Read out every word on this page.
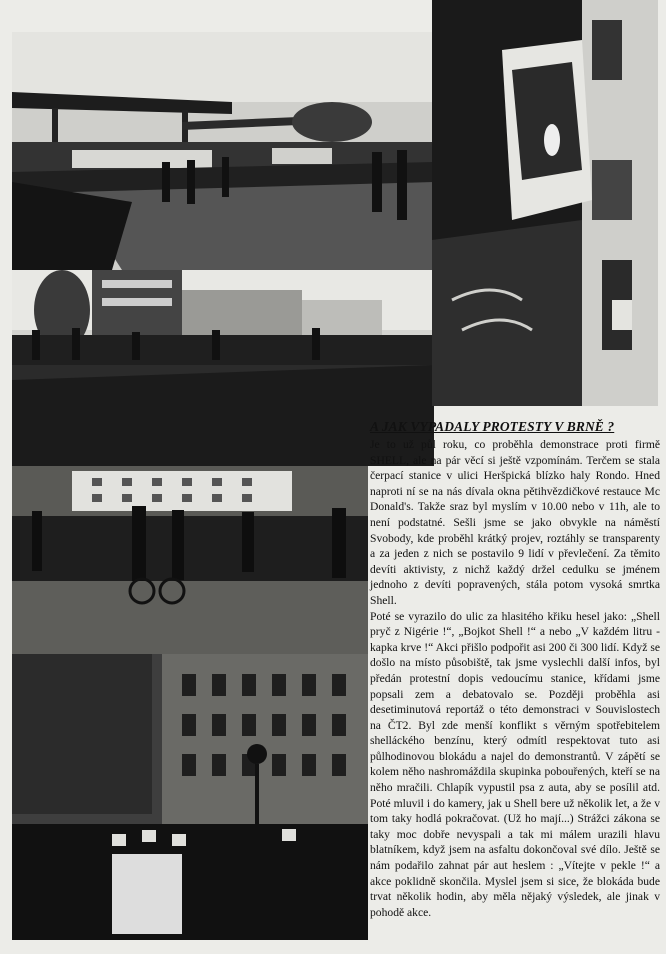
A JAK VYPADALY PROTESTY V BRNĚ ?

Je to už půl roku, co proběhla demonstrace proti firmě SHELL, ale na pár věcí si ještě vzpomínám. Terčem se stala čerpací stanice v ulici Heršpická blízko haly Rondo. Hned naproti ní se na nás dívala okna pětihvězdičkové restauce Mc Donald's. Takže sraz byl myslím v 10.00 nebo v 11h, ale to není podstatné. Sešli jsme se jako obvykle na náměstí Svobody, kde proběhl krátký projev, roztáhly se transparenty a za jeden z nich se postavilo 9 lidí v převlečení. Za těmito devíti aktivisty, z nichž každý držel cedulku se jménem jednoho z devíti popravených, stála potom vysoká smrtka Shell.
Poté se vyrazilo do ulic za hlasitého křiku hesel jako: „Shell pryč z Nigérie !“, „Bojkot Shell !“ a nebo „V každém litru - kapka krve !“ Akci přišlo podpořit asi 200 či 300 lidí. Když se došlo na místo působiště, tak jsme vyslechli další infos, byl předán protestní dopis vedoucímu stanice, křídami jsme popsali zem a debatovalo se. Později proběhla asi desetiminutová reportáž o této demonstraci v Souvislostech na ČT2. Byl zde menší konflikt s věrným spotřebitelem shelláckého benzínu, který odmítl respektovat tuto asi půlhodinovou blokádu a najel do demonstrantů. V zápětí se kolem něho nashromáždila skupinka pobouřených, kteří se na něho mračili. Chlapík vypustil psa z auta, aby se posílil atd. Poté mluvil i do kamery, jak u Shell bere už několik let, a že v tom taky hodlá pokračovat. (Už ho mají...) Strážci zákona se taky moc dobře nevyspali a tak mi málem urazili hlavu blatníkem, když jsem na asfaltu dokončoval své dílo. Ještě se nám podařilo zahnat pár aut heslem : „Vítejte v pekle !“ a akce poklidně skončila. Myslel jsem si sice, že blokáda bude trvat několik hodin, aby měla nějaký výsledek, ale jinak v pohodě akce.
